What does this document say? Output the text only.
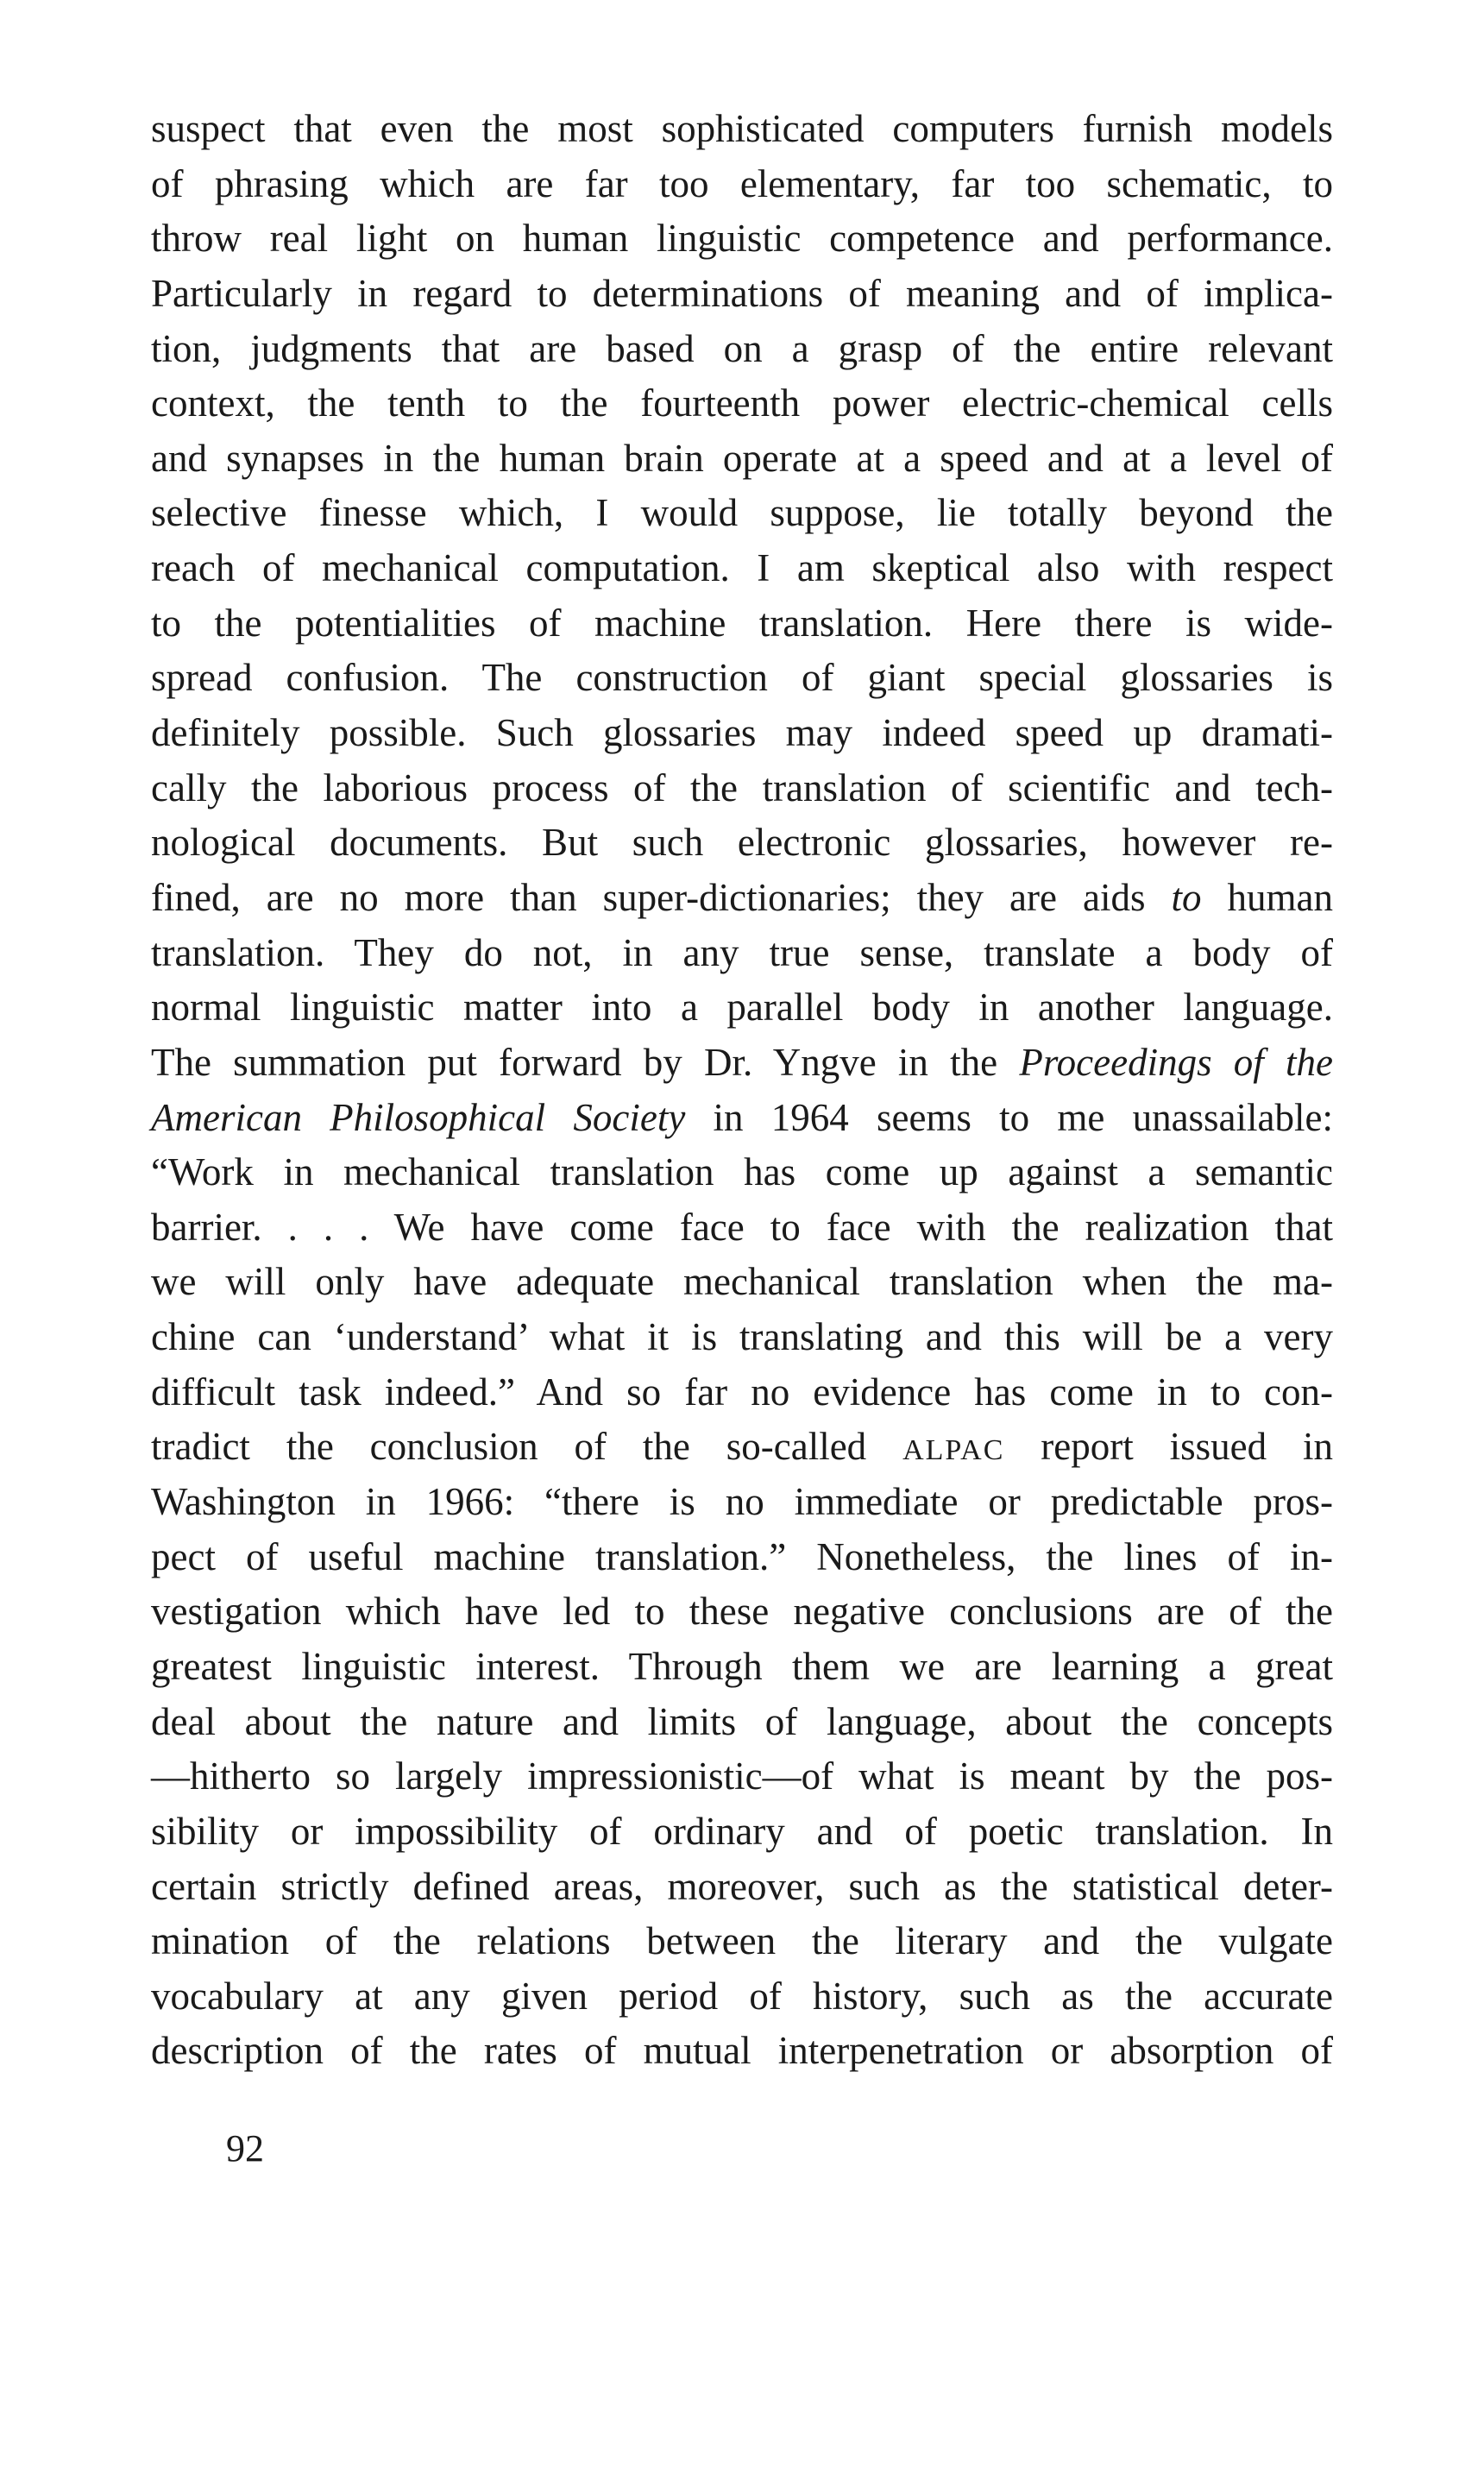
suspect that even the most sophisticated computers furnish models
of phrasing which are far too elementary, far too schematic, to
throw real light on human linguistic competence and performance.
Particularly in regard to determinations of meaning and of implica-
tion, judgments that are based on a grasp of the entire relevant
context, the tenth to the fourteenth power electric-chemical cells
and synapses in the human brain operate at a speed and at a level of
selective finesse which, I would suppose, lie totally beyond the
reach of mechanical computation. I am skeptical also with respect
to the potentialities of machine translation. Here there is wide-
spread confusion. The construction of giant special glossaries is
definitely possible. Such glossaries may indeed speed up dramati-
cally the laborious process of the translation of scientific and tech-
nological documents. But such electronic glossaries, however re-
fined, are no more than super-dictionaries; they are aids to human
translation. They do not, in any true sense, translate a body of
normal linguistic matter into a parallel body in another language.
The summation put forward by Dr. Yngve in the Proceedings of the
American Philosophical Society in 1964 seems to me unassailable:
“Work in mechanical translation has come up against a semantic
barrier. . . . We have come face to face with the realization that
we will only have adequate mechanical translation when the ma-
chine can ‘understand’ what it is translating and this will be a very
difficult task indeed.” And so far no evidence has come in to con-
tradict the conclusion of the so-called ALPAC report issued in
Washington in 1966: “there is no immediate or predictable pros-
pect of useful machine translation.” Nonetheless, the lines of in-
vestigation which have led to these negative conclusions are of the
greatest linguistic interest. Through them we are learning a great
deal about the nature and limits of language, about the concepts
—hitherto so largely impressionistic—of what is meant by the pos-
sibility or impossibility of ordinary and of poetic translation. In
certain strictly defined areas, moreover, such as the statistical deter-
mination of the relations between the literary and the vulgate
vocabulary at any given period of history, such as the accurate
description of the rates of mutual interpenetration or absorption of
92
